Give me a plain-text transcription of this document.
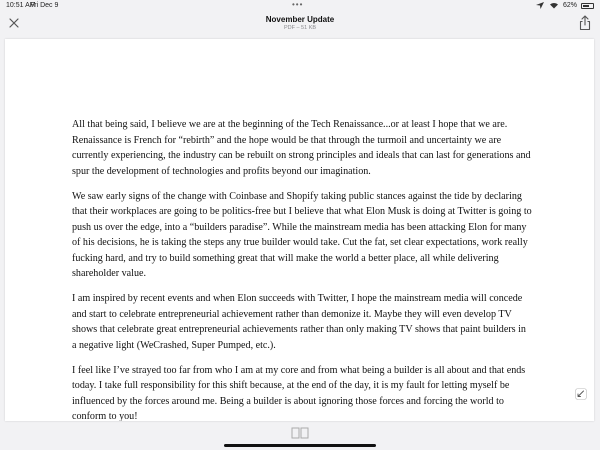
10:51 AM
Fri Dec 9	•••	62%
November Update
PDF – 51 KB

All that being said, I believe we are at the beginning of the Tech Renaissance...or at least I hope that we are. Renaissance is French for “rebirth” and the hope would be that through the turmoil and uncertainty we are currently experiencing, the industry can be rebuilt on strong principles and ideals that can last for generations and spur the development of technologies and profits beyond our imagination.

We saw early signs of the change with Coinbase and Shopify taking public stances against the tide by declaring that their workplaces are going to be politics-free but I believe that what Elon Musk is doing at Twitter is going to push us over the edge, into a “builders paradise”. While the mainstream media has been attacking Elon for many of his decisions, he is taking the steps any true builder would take. Cut the fat, set clear expectations, work really fucking hard, and try to build something great that will make the world a better place, all while delivering shareholder value.

I am inspired by recent events and when Elon succeeds with Twitter, I hope the mainstream media will concede and start to celebrate entrepreneurial achievement rather than demonize it. Maybe they will even develop TV shows that celebrate great entrepreneurial achievements rather than only making TV shows that paint builders in a negative light (WeCrashed, Super Pumped, etc.).

I feel like I’ve strayed too far from who I am at my core and from what being a builder is all about and that ends today. I take full responsibility for this shift because, at the end of the day, it is my fault for letting myself be influenced by the forces around me. Being a builder is about ignoring those forces and forcing the world to conform to you!
